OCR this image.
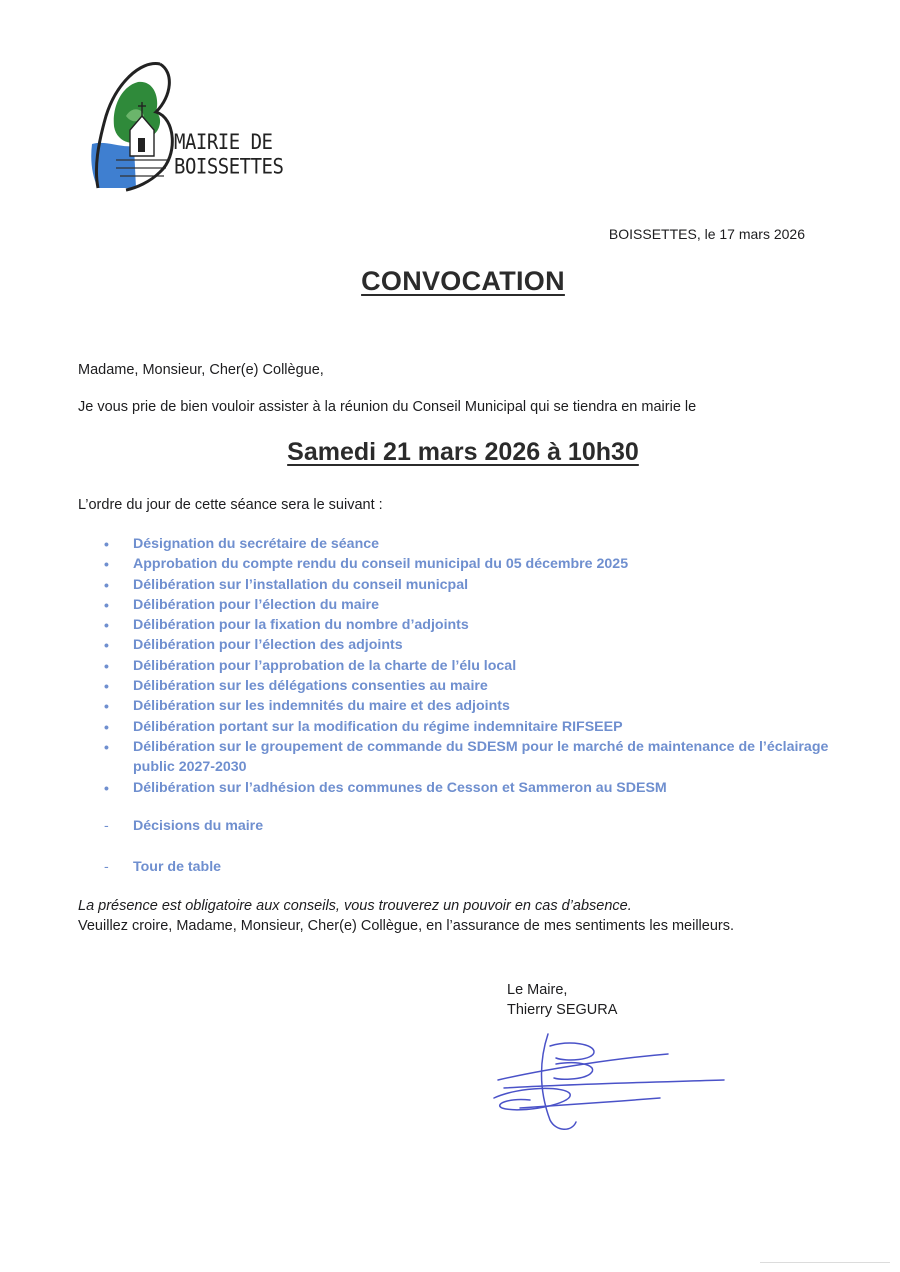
MAIRIE DE
BOISSETTES
BOISSETTES, le 17 mars 2026
CONVOCATION
Madame, Monsieur, Cher(e) Collègue,
Je vous prie de bien vouloir assister à la réunion du Conseil Municipal qui se tiendra en mairie le
Samedi 21 mars 2026 à 10h30
L’ordre du jour de cette séance sera le suivant :
• Désignation du secrétaire de séance
• Approbation du compte rendu du conseil municipal du 05 décembre 2025
• Délibération sur l’installation du conseil municpal
• Délibération pour l’élection du maire
• Délibération pour la fixation du nombre d’adjoints
• Délibération pour l’élection des adjoints
• Délibération pour l’approbation de la charte de l’élu local
• Délibération sur les délégations consenties au maire
• Délibération sur les indemnités du maire et des adjoints
• Délibération portant sur la modification du régime indemnitaire RIFSEEP
• Délibération sur le groupement de commande du SDESM pour le marché de maintenance de l’éclairage public 2027-2030
• Délibération sur l’adhésion des communes de Cesson et Sammeron au SDESM
- Décisions du maire
- Tour de table
La présence est obligatoire aux conseils, vous trouverez un pouvoir en cas d’absence.
Veuillez croire, Madame, Monsieur, Cher(e) Collègue, en l’assurance de mes sentiments les meilleurs.
Le Maire,
Thierry SEGURA
